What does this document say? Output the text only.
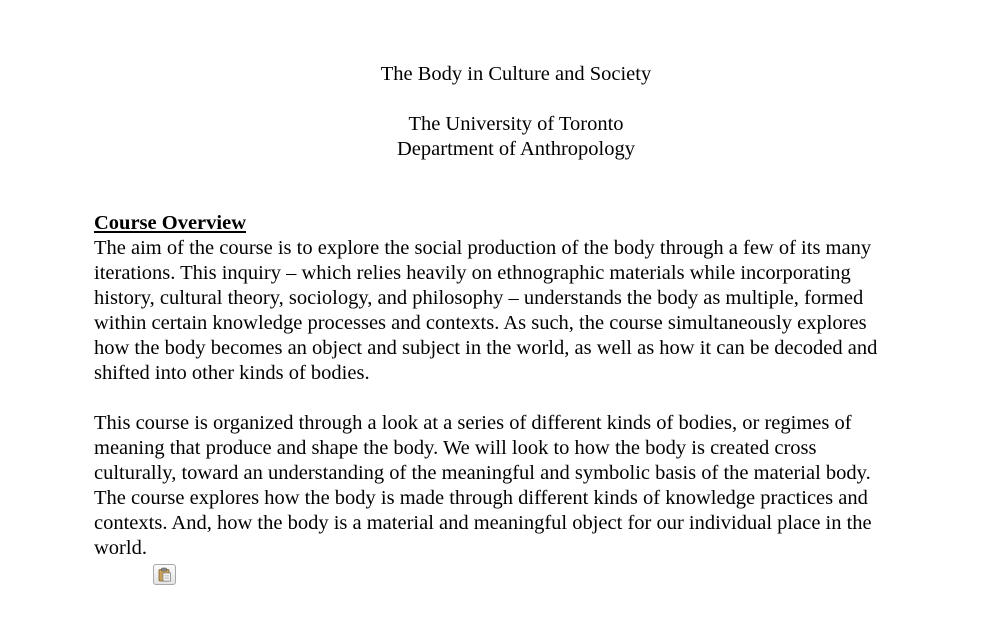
The Body in Culture and Society
The University of Toronto
Department of Anthropology
Course Overview
The aim of the course is to explore the social production of the body through a few of its many
iterations. This inquiry – which relies heavily on ethnographic materials while incorporating
history, cultural theory, sociology, and philosophy – understands the body as multiple, formed
within certain knowledge processes and contexts. As such, the course simultaneously explores
how the body becomes an object and subject in the world, as well as how it can be decoded and
shifted into other kinds of bodies.
This course is organized through a look at a series of different kinds of bodies, or regimes of
meaning that produce and shape the body. We will look to how the body is created cross
culturally, toward an understanding of the meaningful and symbolic basis of the material body.
The course explores how the body is made through different kinds of knowledge practices and
contexts. And, how the body is a material and meaningful object for our individual place in the
world.
